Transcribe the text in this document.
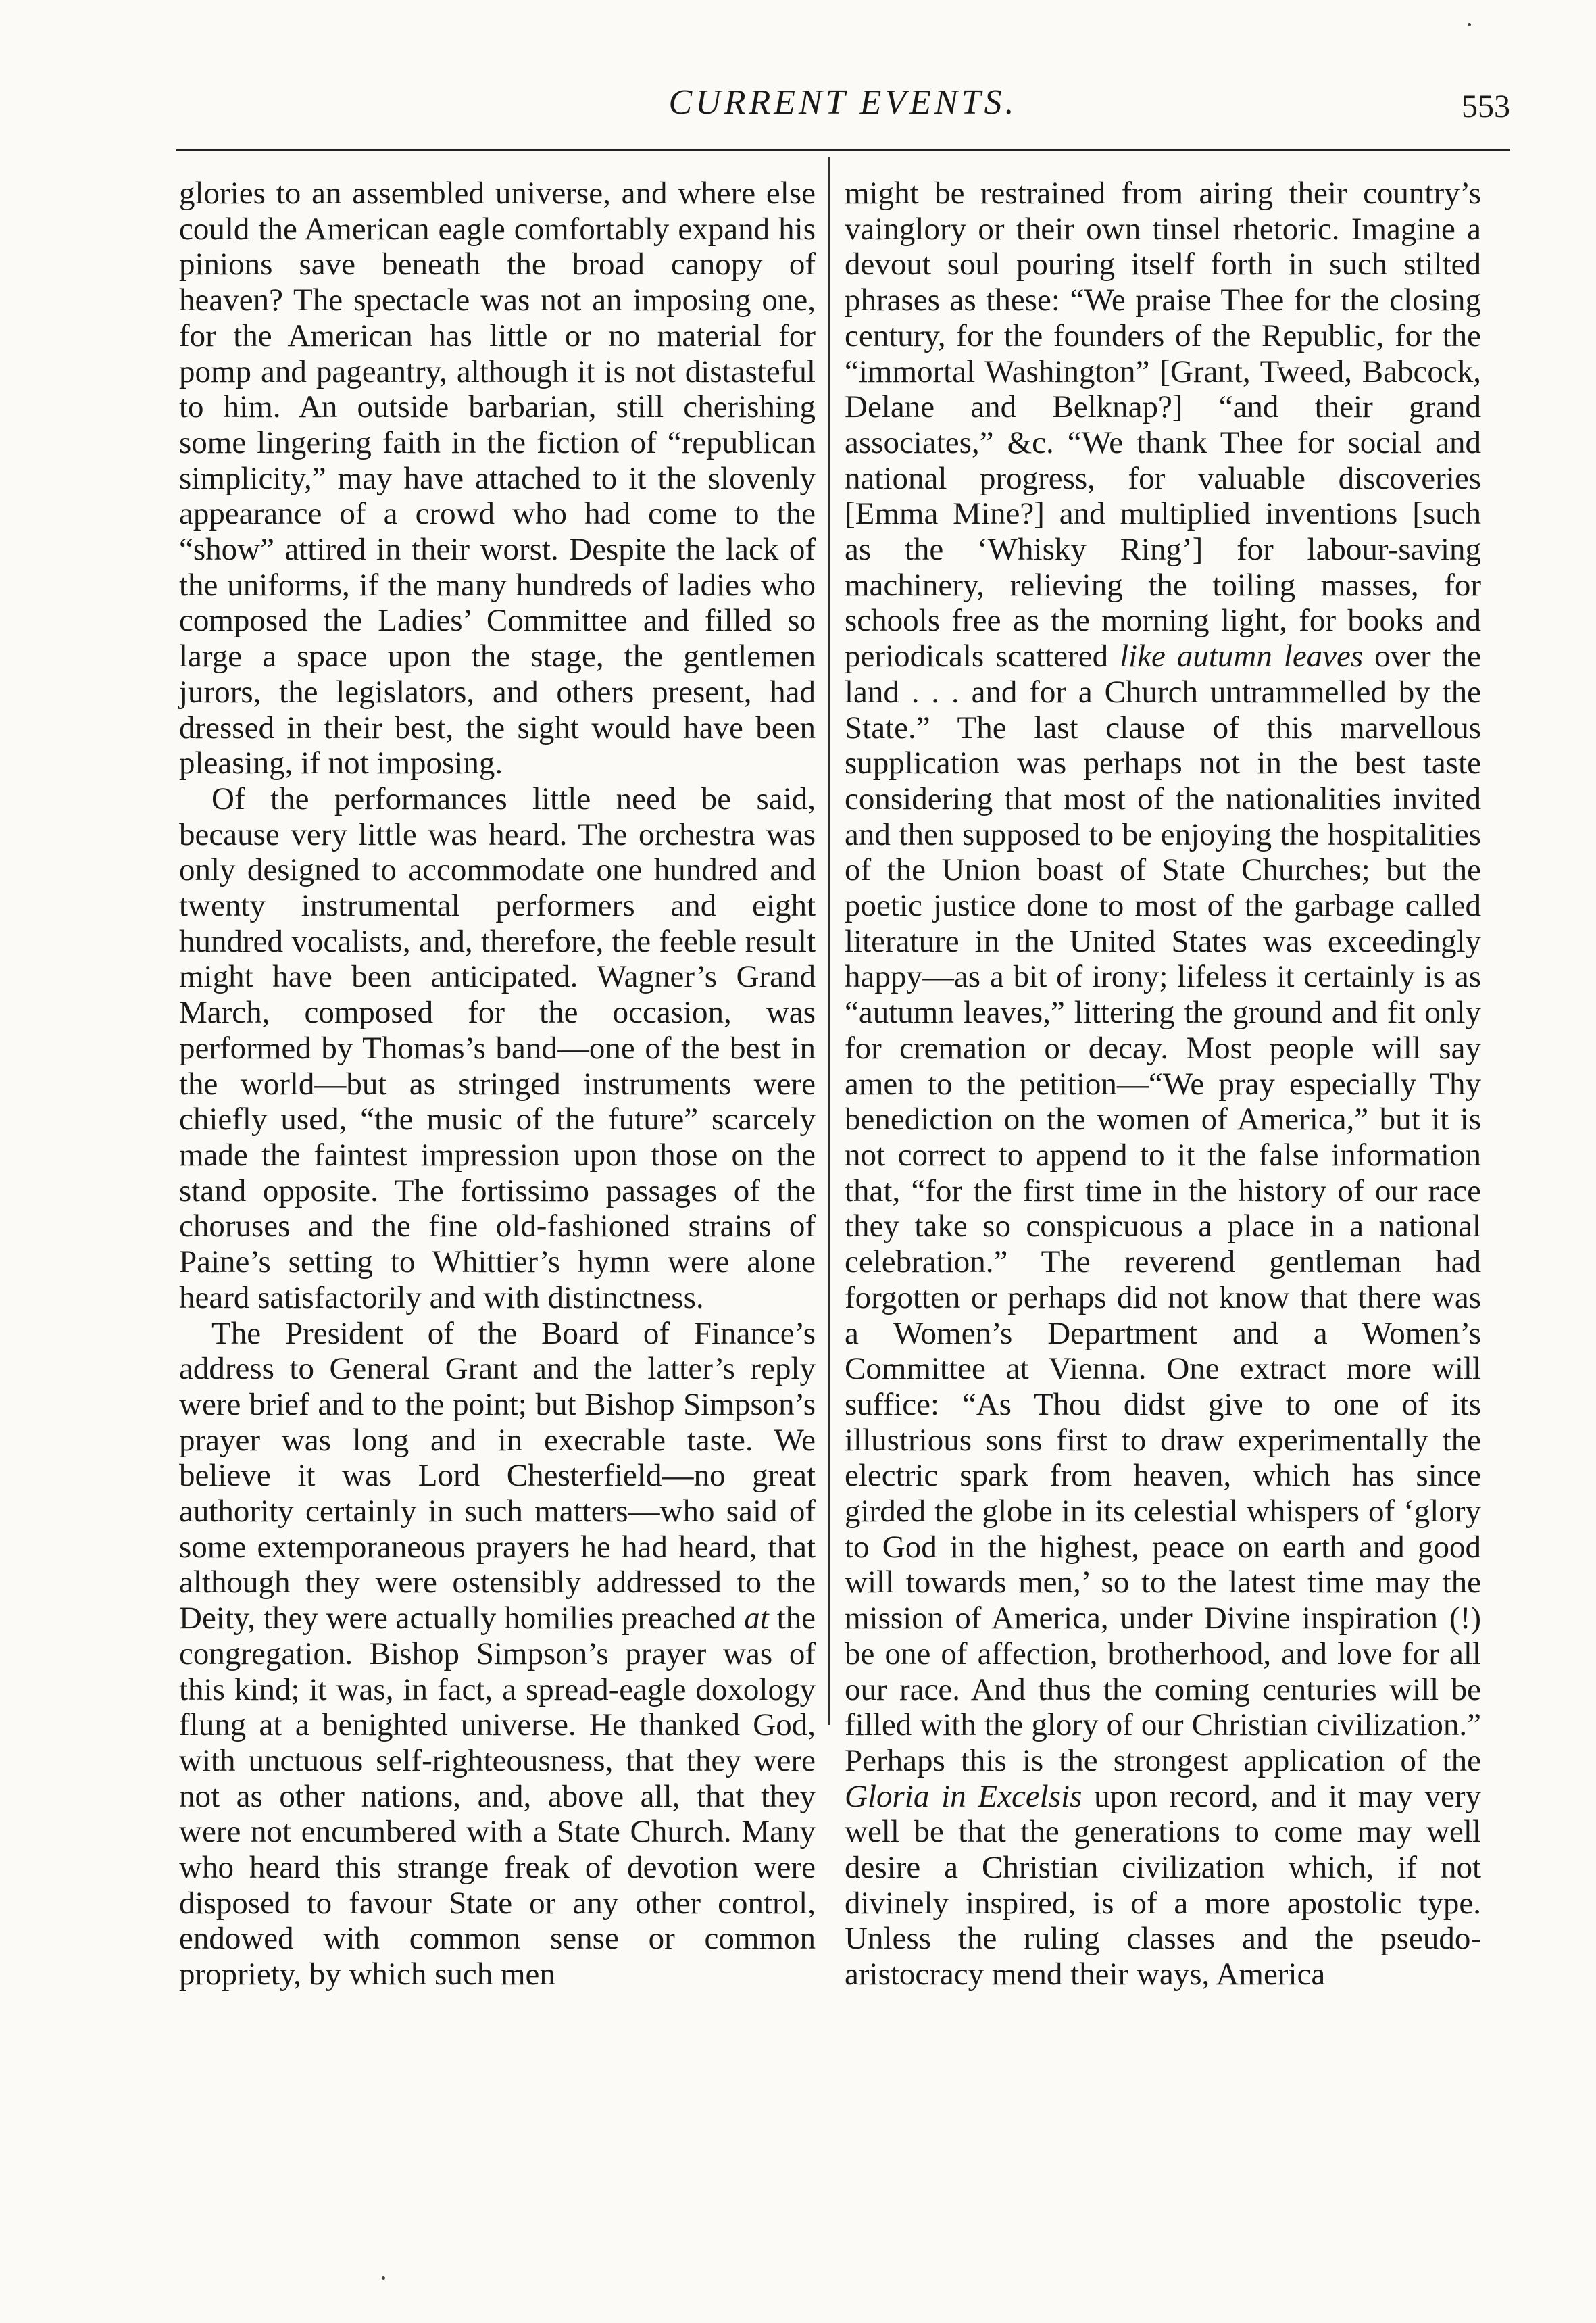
CURRENT EVENTS.	553

glories to an assembled universe, and where else could the American eagle comfortably expand his pinions save beneath the broad canopy of heaven? The spectacle was not an imposing one, for the American has little or no material for pomp and pageantry, although it is not distasteful to him. An outside barbarian, still cherishing some lingering faith in the fiction of “republican simplicity,” may have attached to it the slovenly appearance of a crowd who had come to the “show” attired in their worst. Despite the lack of the uniforms, if the many hundreds of ladies who composed the Ladies’ Committee and filled so large a space upon the stage, the gentlemen jurors, the legislators, and others present, had dressed in their best, the sight would have been pleasing, if not imposing.

Of the performances little need be said, because very little was heard. The orchestra was only designed to accommodate one hundred and twenty instrumental performers and eight hundred vocalists, and, therefore, the feeble result might have been anticipated. Wagner’s Grand March, composed for the occasion, was performed by Thomas’s band—one of the best in the world—but as stringed instruments were chiefly used, “the music of the future” scarcely made the faintest impression upon those on the stand opposite. The fortissimo passages of the choruses and the fine old-fashioned strains of Paine’s setting to Whittier’s hymn were alone heard satisfactorily and with distinctness.

The President of the Board of Finance’s address to General Grant and the latter’s reply were brief and to the point; but Bishop Simpson’s prayer was long and in execrable taste. We believe it was Lord Chesterfield—no great authority certainly in such matters—who said of some extemporaneous prayers he had heard, that although they were ostensibly addressed to the Deity, they were actually homilies preached at the congregation. Bishop Simpson’s prayer was of this kind; it was, in fact, a spread-eagle doxology flung at a benighted universe. He thanked God, with unctuous self-righteousness, that they were not as other nations, and, above all, that they were not encumbered with a State Church. Many who heard this strange freak of devotion were disposed to favour State or any other control, endowed with common sense or common propriety, by which such men

might be restrained from airing their country’s vainglory or their own tinsel rhetoric. Imagine a devout soul pouring itself forth in such stilted phrases as these: “We praise Thee for the closing century, for the founders of the Republic, for the “immortal Washington” [Grant, Tweed, Babcock, Delane and Belknap?] “and their grand associates,” &c. “We thank Thee for social and national progress, for valuable discoveries [Emma Mine?] and multiplied inventions [such as the ‘Whisky Ring’] for labour-saving machinery, relieving the toiling masses, for schools free as the morning light, for books and periodicals scattered like autumn leaves over the land . . . and for a Church untrammelled by the State.” The last clause of this marvellous supplication was perhaps not in the best taste considering that most of the nationalities invited and then supposed to be enjoying the hospitalities of the Union boast of State Churches; but the poetic justice done to most of the garbage called literature in the United States was exceedingly happy—as a bit of irony; lifeless it certainly is as “autumn leaves,” littering the ground and fit only for cremation or decay. Most people will say amen to the petition—“We pray especially Thy benediction on the women of America,” but it is not correct to append to it the false information that, “for the first time in the history of our race they take so conspicuous a place in a national celebration.” The reverend gentleman had forgotten or perhaps did not know that there was a Women’s Department and a Women’s Committee at Vienna. One extract more will suffice: “As Thou didst give to one of its illustrious sons first to draw experimentally the electric spark from heaven, which has since girded the globe in its celestial whispers of ‘glory to God in the highest, peace on earth and good will towards men,’ so to the latest time may the mission of America, under Divine inspiration (!) be one of affection, brotherhood, and love for all our race. And thus the coming centuries will be filled with the glory of our Christian civilization.” Perhaps this is the strongest application of the Gloria in Excelsis upon record, and it may very well be that the generations to come may well desire a Christian civilization which, if not divinely inspired, is of a more apostolic type. Unless the ruling classes and the pseudo-aristocracy mend their ways, America
